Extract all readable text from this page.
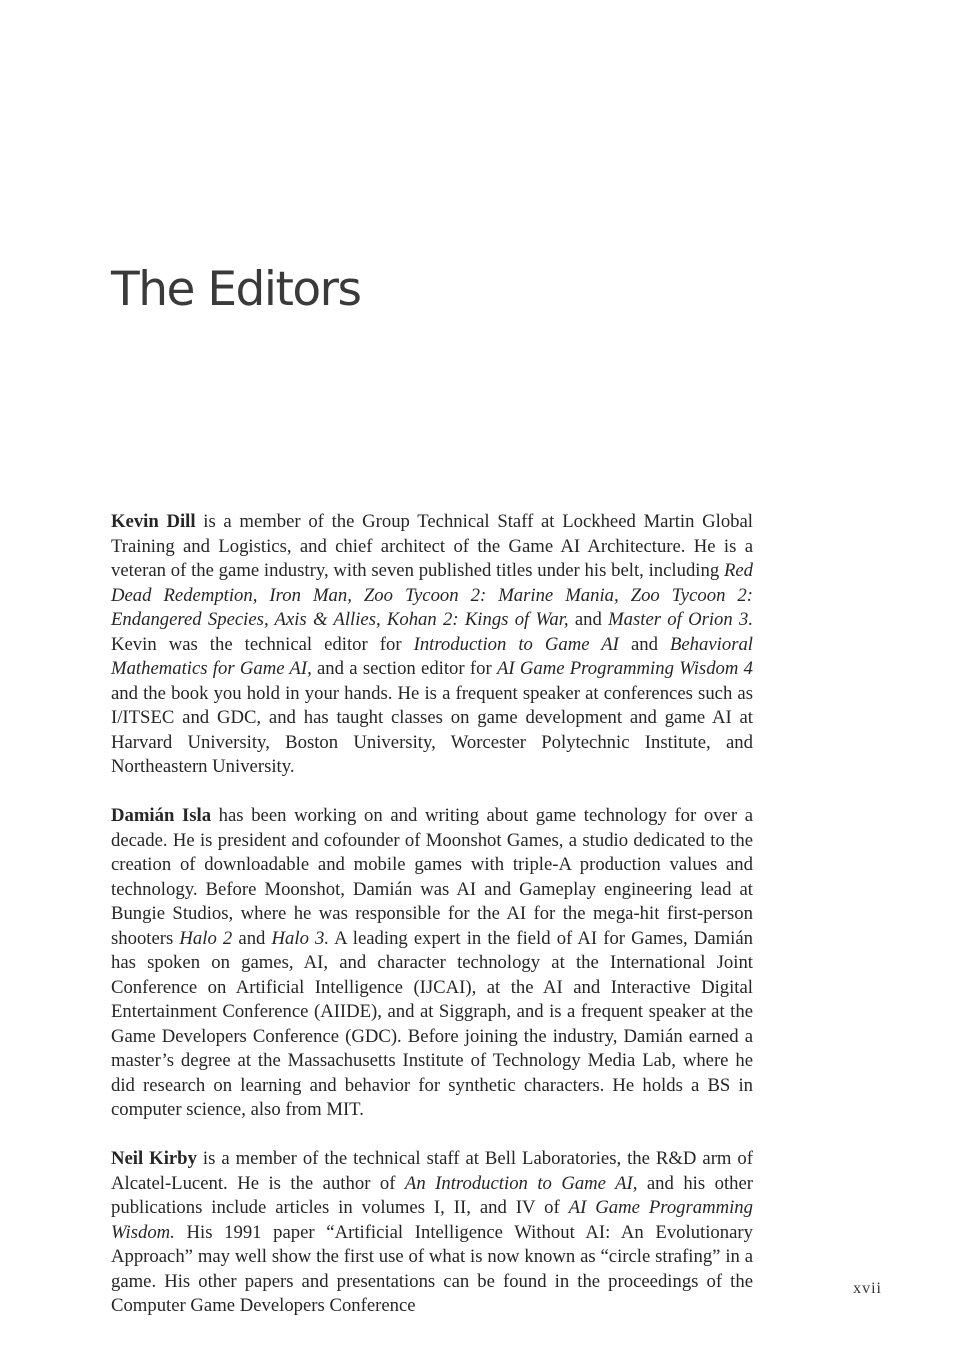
The Editors

Kevin Dill is a member of the Group Technical Staff at Lockheed Martin Global Training and Logistics, and chief architect of the Game AI Architecture. He is a veteran of the game industry, with seven published titles under his belt, including Red Dead Redemption, Iron Man, Zoo Tycoon 2: Marine Mania, Zoo Tycoon 2: Endangered Species, Axis & Allies, Kohan 2: Kings of War, and Master of Orion 3. Kevin was the technical editor for Introduction to Game AI and Behavioral Mathematics for Game AI, and a section editor for AI Game Programming Wisdom 4 and the book you hold in your hands. He is a frequent speaker at conferences such as I/ITSEC and GDC, and has taught classes on game development and game AI at Harvard University, Boston University, Worcester Polytechnic Institute, and Northeastern University.

Damián Isla has been working on and writing about game technology for over a decade. He is president and cofounder of Moonshot Games, a studio dedicated to the creation of downloadable and mobile games with triple-A production values and technology. Before Moonshot, Damián was AI and Gameplay engineering lead at Bungie Studios, where he was responsible for the AI for the mega-hit first-person shooters Halo 2 and Halo 3. A leading expert in the field of AI for Games, Damián has spoken on games, AI, and character technology at the International Joint Conference on Artificial Intelligence (IJCAI), at the AI and Interactive Digital Entertainment Conference (AIIDE), and at Siggraph, and is a frequent speaker at the Game Developers Conference (GDC). Before joining the industry, Damián earned a master’s degree at the Massachusetts Institute of Technology Media Lab, where he did research on learning and behavior for synthetic characters. He holds a BS in computer science, also from MIT.

Neil Kirby is a member of the technical staff at Bell Laboratories, the R&D arm of Alcatel-Lucent. He is the author of An Introduction to Game AI, and his other publications include articles in volumes I, II, and IV of AI Game Programming Wisdom. His 1991 paper “Artificial Intelligence Without AI: An Evolutionary Approach” may well show the first use of what is now known as “circle strafing” in a game. His other papers and presentations can be found in the proceedings of the Computer Game Developers Conference

xvii
